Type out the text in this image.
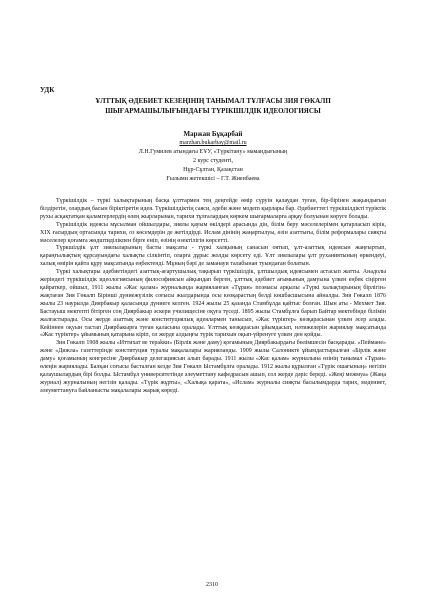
УДК
ҰЛТТЫҚ ӘДЕБИЕТ КЕЗЕҢІНІҢ ТАНЫМАЛ ТҰЛҒАСЫ ЗИЯ ГӨКАЛП
ШЫҒАРМАШЫЛЫҒЫНДАҒЫ ТҮРІКШІЛДІК ИДЕОЛОГИЯСЫ
Маржан Бұқарбай
marzhan.bukarbay@mail.ru
Л.Н.Гумилев атындағы ЕҰУ, «Түркітану» мамандығының
2 курс студенті,
Нұр-Сұлтан, Қазақстан
Ғылыми жетекшісі – Г.Т. Жиенбаева

Түркішілдік – түркі халықтарының басқа ұлттармен тең деңгейде өмір сүруін қалаудан туған, бір-бірінен жақындығын білдіретін, олардың басын біріктіретін идея. Түркішілдіктің саяси, әдеби және модern қырлары бар. Әдебиеттегі түркішілдікті түріктік рухы асқақтатқан қаламгерлердің өлең жырларынан, тарихи тұлғалардың көркем шығармаларға арқау болуынан көруге болады.

Түркішілдік идеясы мұсылман ойшылдары, зиялы қауым өкілдері арасында дін, білім беру мәселелерімен қатарласып кірік, XIX ғасырдың ортасында тарихи, оз көсемдерін де жетілдірді. Ислам дінінің жаңартылуы, өзін азаттығы, білім реформалары сияқты мәселелер қоғамға жөдштиділікпен бірге еніп, өзінің өзектілігін көрсетті.

Түркшілдік ұлт зиялыларының басты мақсаты - түркі халқының санасын оятып, ұлт-азаттық идеясын жаңғыртып, қараңғылықтың құрсауындағы халықты сілкінтіп, оларға дұрыс жолды көрсету еді. Ұлт зиялылары ұлт руханиятының өркендеуі, халық өмірін қайта құру мақсатында еңбектенді. Мұның бәрі де заманауи талабынан туындаған болатын.

Түркі халықтары әдебиетіндегі азаттық-ағартушылық тақырып түркішілдік, ұлтшылдық идеясымен астасып жатты. Анадолы жеріндегі түркішілдік идеологиясының философиясын айқындап берген, ұлттық әдебиет ағымының дамуына үлкен еңбек сіңірген қайраткер, ойшыл, 1911 жылы «Жас қалам» журналында жарияланған «Тұран» поэмасы арқылы «Түркі халықтарының бірлігін» жақтаған Зия Гөкалп Бірінші дүниежүзілік соғысы жылдарында осы көзқарастың белді көшбасшысына айналды. Зия Гөкалп 1876 жылы 23 наурызда Диярбакыр қаласында дүниеге келген. 1924 жылы 25 қазанда Стамбұлда қайтыс болған. Шын аты - Мехмет Зия. Бастауыш мектепті бітірген соң Диярбакыр әскери училищесіне оқуға түседі. 1895 жылы Стамбұлға барып Байтар мектебінде білімін жалғастырады. Осы жерде азаттық және конституциялық идеялармен танысып, «Жас түріктер» көзқарасынан үлкен әсер алады. Кейіннен оқуын тастап Диярбакырға туған қаласына оралады. Ұлттық көзқарасын ұйымдасып, нәтижелерін жариялау мақсатында «Жас түріктер» ұйымының қатарына кіріп, ол жерде алдыңғы түрік тарихын оқып-үйренуге үлкен ден қойды.

Зия Гөкалп 1908 жылы «Иттихат ве тераkки» (Бірлік және даму) қоғамының Диярбакырдағы бөлімшесін басқарады. «Пеймане» және «Дижла» газеттерінде конституция туралы мақалалары жарияланды. 1909 жылы Салоникте ұйымдастырылған «Бірлік және даму» қоғамының конгресіне Диярбакыр делегациясын алып барады. 1911 жылы «Жас қалам» журналына өзінің танымал «Тұран» өлеңін жариялады. Балқан соғысы басталған кезде Зия Гөкалп Ыстамбұлға оралады. 1912 жылы құрылған «Түрік ошағының» негізін қалаушылардың бірі болды. Ыстамбұл университетінде әлеуметтану кафедрасын ашып, сол жерде дәріс береді. «Жеңі межмуа» (Жаңа журнал) журналының негізін қалады. «Түрік жұрты», «Халықа қарата», «Ислам» журналы сияқты басылымдарда тарих, мәдениет, әлеуметтануға байланысты мақалалары жарық көреді.

2310
